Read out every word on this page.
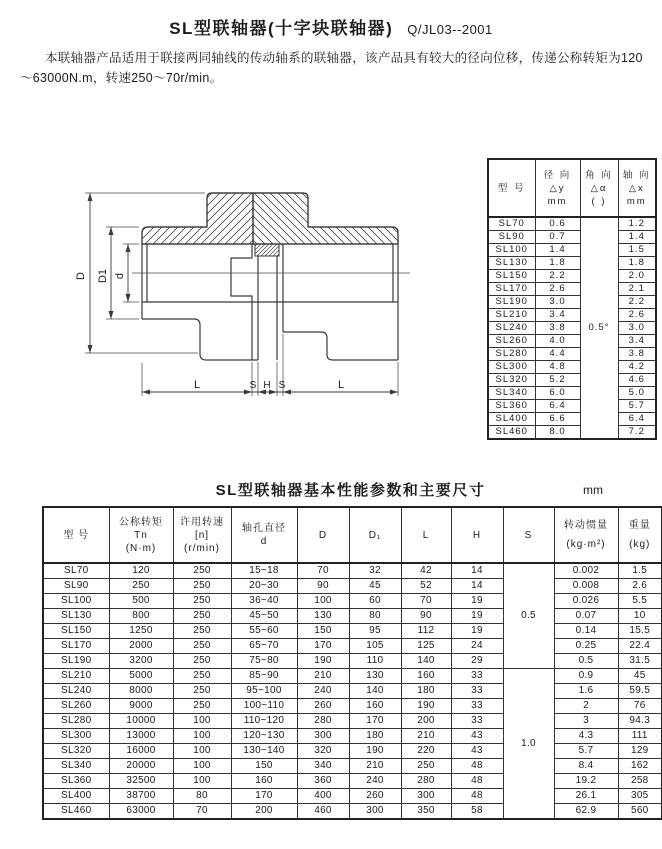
SL型联轴器(十字块联轴器) Q/JL03--2001

本联轴器产品适用于联接两同轴线的传动轴系的联轴器，该产品具有较大的径向位移，传递公称转矩为120～63000N.m，转速250～70r/min。

D D1 d
L	S H S	L
型 号

径 向
△y
mm

角 向
△α
( )

轴 向
△x
mm

SL70	0.6	0.5°	1.2
SL90	0.7		1.4
SL100	1.4		1.5
SL130	1.8		1.8
SL150	2.2		2.0
SL170	2.6		2.1
SL190	3.0		2.2
SL210	3.4		2.6
SL240	3.8		3.0
SL260	4.0		3.4
SL280	4.4		3.8
SL300	4.8		4.2
SL320	5.2		4.6
SL340	6.0		5.0
SL360	6.4		5.7
SL400	6.6		6.4
SL460	8.0		7.2
SL型联轴器基本性能参数和主要尺寸	mm
型 号

公称转矩
Tn
(N·m)

许用转速
[n]
(r/min)

轴孔直径
d

D	D₁	L	H	S

转动惯量
(kg·m²)

重量
(kg)

SL70	120	250	15~18	70	32	42	14	0.5	0.002	1.5
SL90	250	250	20~30	90	45	52	14		0.008	2.6
SL100	500	250	36~40	100	60	70	19		0.026	5.5
SL130	800	250	45~50	130	80	90	19		0.07	10
SL150	1250	250	55~60	150	95	112	19		0.14	15.5
SL170	2000	250	65~70	170	105	125	24		0.25	22.4
SL190	3200	250	75~80	190	110	140	29		0.5	31.5
SL210	5000	250	85~90	210	130	160	33	1.0	0.9	45
SL240	8000	250	95~100	240	140	180	33		1.6	59.5
SL260	9000	250	100~110	260	160	190	33		2	76
SL280	10000	100	110~120	280	170	200	33		3	94.3
SL300	13000	100	120~130	300	180	210	43		4.3	111
SL320	16000	100	130~140	320	190	220	43		5.7	129
SL340	20000	100	150	340	210	250	48		8.4	162
SL360	32500	100	160	360	240	280	48		19.2	258
SL400	38700	80	170	400	260	300	48		26.1	305
SL460	63000	70	200	460	300	350	58		62.9	560
